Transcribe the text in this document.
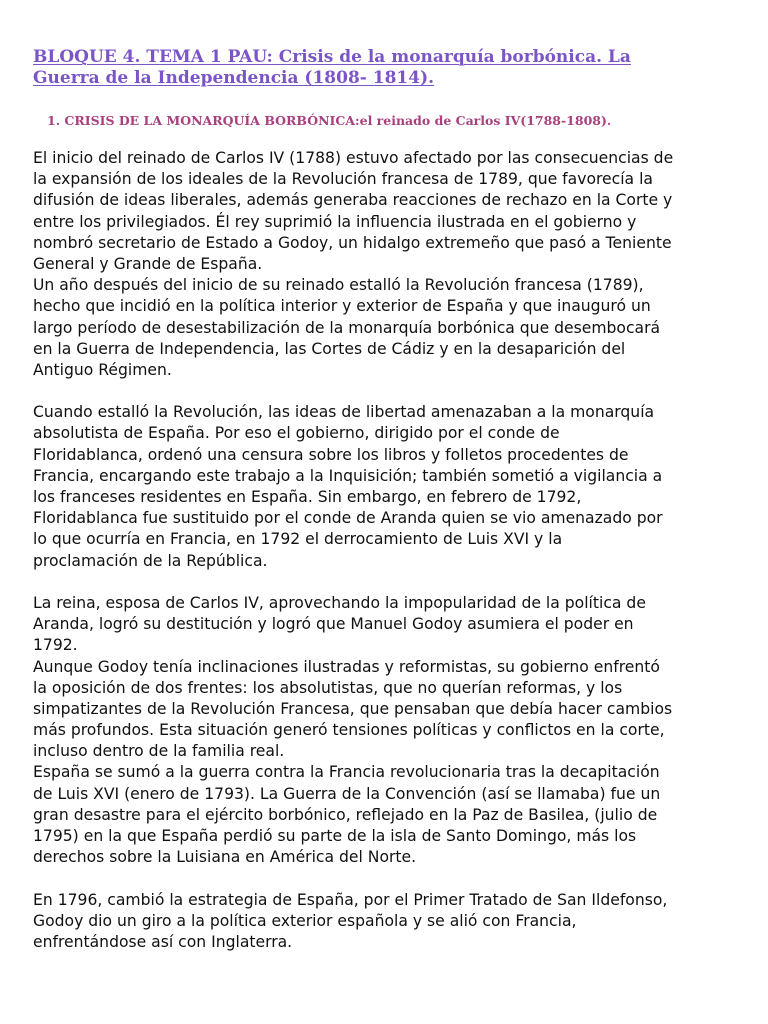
BLOQUE 4. TEMA 1 PAU: Crisis de la monarquía borbónica. La
Guerra de la Independencia (1808- 1814).
1. CRISIS DE LA MONARQUÍA BORBÓNICA:el reinado de Carlos IV(1788-1808).
El inicio del reinado de Carlos IV (1788) estuvo afectado por las consecuencias de
la expansión de los ideales de la Revolución francesa de 1789, que favorecía la
difusión de ideas liberales, además generaba reacciones de rechazo en la Corte y
entre los privilegiados. Él rey suprimió la influencia ilustrada en el gobierno y
nombró secretario de Estado a Godoy, un hidalgo extremeño que pasó a Teniente
General y Grande de España.
Un año después del inicio de su reinado estalló la Revolución francesa (1789),
hecho que incidió en la política interior y exterior de España y que inauguró un
largo período de desestabilización de la monarquía borbónica que desembocará
en la Guerra de Independencia, las Cortes de Cádiz y en la desaparición del
Antiguo Régimen.
Cuando estalló la Revolución, las ideas de libertad amenazaban a la monarquía
absolutista de España. Por eso el gobierno, dirigido por el conde de
Floridablanca, ordenó una censura sobre los libros y folletos procedentes de
Francia, encargando este trabajo a la Inquisición; también sometió a vigilancia a
los franceses residentes en España. Sin embargo, en febrero de 1792,
Floridablanca fue sustituido por el conde de Aranda quien se vio amenazado por
lo que ocurría en Francia, en 1792 el derrocamiento de Luis XVI y la
proclamación de la República.
La reina, esposa de Carlos IV, aprovechando la impopularidad de la política de
Aranda, logró su destitución y logró que Manuel Godoy asumiera el poder en
1792.
Aunque Godoy tenía inclinaciones ilustradas y reformistas, su gobierno enfrentó
la oposición de dos frentes: los absolutistas, que no querían reformas, y los
simpatizantes de la Revolución Francesa, que pensaban que debía hacer cambios
más profundos. Esta situación generó tensiones políticas y conflictos en la corte,
incluso dentro de la familia real.
España se sumó a la guerra contra la Francia revolucionaria tras la decapitación
de Luis XVI (enero de 1793). La Guerra de la Convención (así se llamaba) fue un
gran desastre para el ejército borbónico, reflejado en la Paz de Basilea, (julio de
1795) en la que España perdió su parte de la isla de Santo Domingo, más los
derechos sobre la Luisiana en América del Norte.
En 1796, cambió la estrategia de España, por el Primer Tratado de San Ildefonso,
Godoy dio un giro a la política exterior española y se alió con Francia,
enfrentándose así con Inglaterra.
